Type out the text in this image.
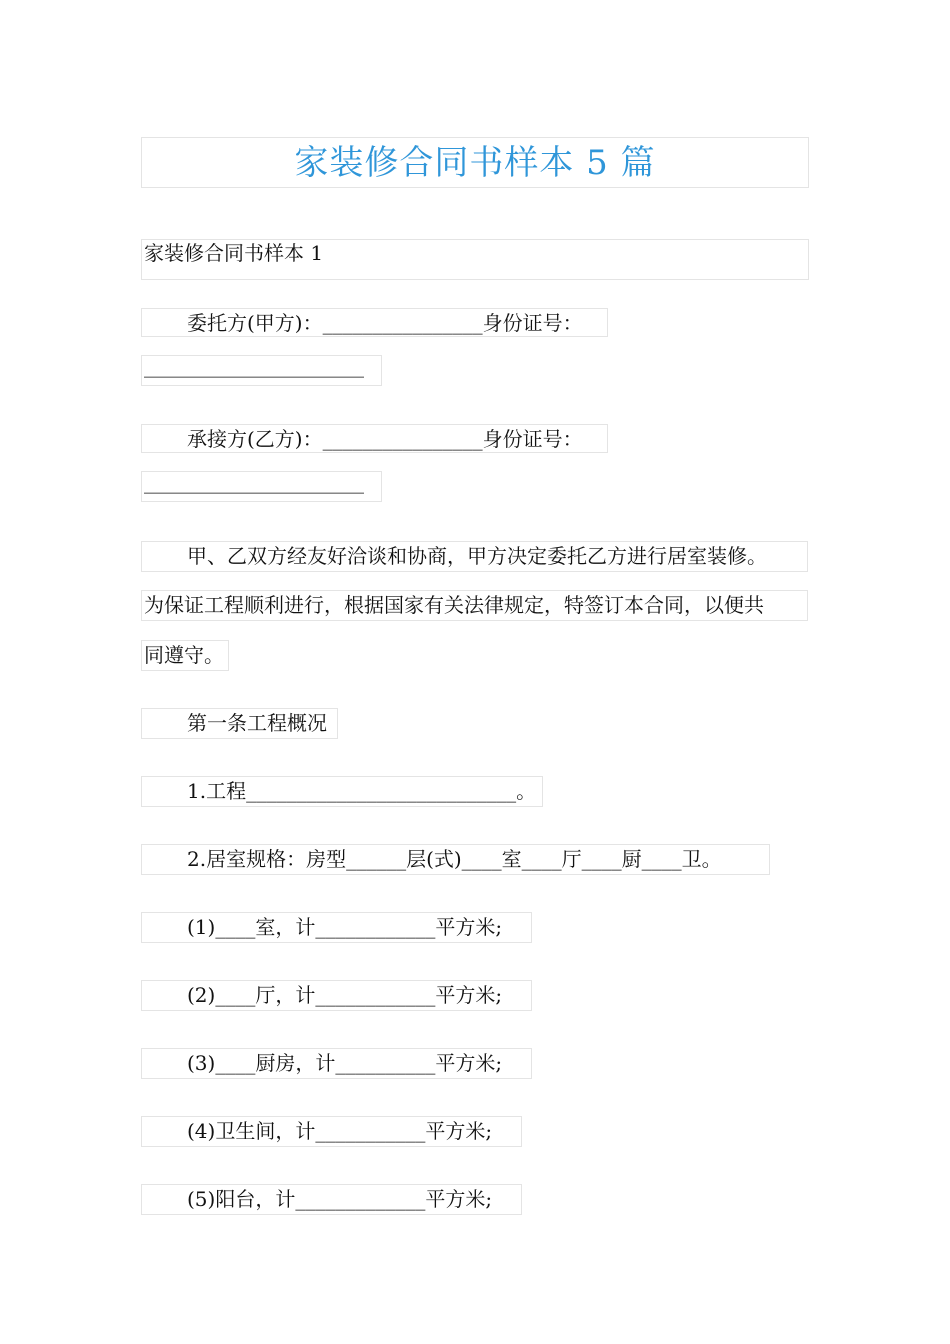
家装修合同书样本 5 篇
家装修合同书样本 1
委托方(甲方)：________________身份证号：
______________________
承接方(乙方)：________________身份证号：
______________________
甲、乙双方经友好洽谈和协商，甲方决定委托乙方进行居室装修。
为保证工程顺利进行，根据国家有关法律规定，特签订本合同，以便共
同遵守。
第一条工程概况
1.工程___________________________。
2.居室规格：房型______层(式)____室____厅____厨____卫。
(1)____室，计____________平方米;
(2)____厅，计____________平方米;
(3)____厨房，计__________平方米;
(4)卫生间，计___________平方米;
(5)阳台，计_____________平方米;
